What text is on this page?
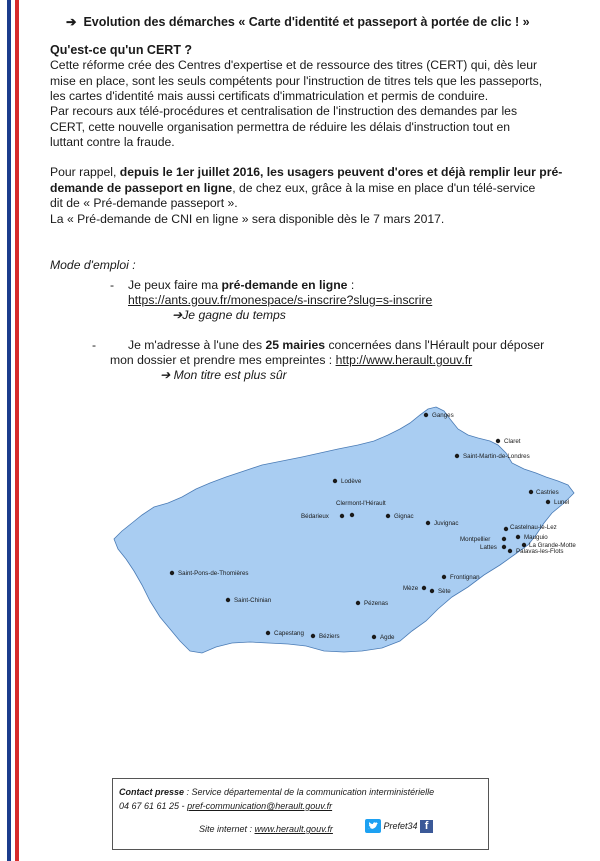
➔ Evolution des démarches « Carte d'identité et passeport à portée de clic ! »
Qu'est-ce qu'un CERT ?
Cette réforme crée des Centres d'expertise et de ressource des titres (CERT) qui, dès leur
mise en place, sont les seuls compétents pour l'instruction de titres tels que les passeports,
les cartes d'identité mais aussi certificats d'immatriculation et permis de conduire.
Par recours aux télé-procédures et centralisation de l'instruction des demandes par les
CERT, cette nouvelle organisation permettra de réduire les délais d'instruction tout en
luttant contre la fraude.
Pour rappel, depuis le 1er juillet 2016, les usagers peuvent d'ores et déjà remplir leur pré-
demande de passeport en ligne, de chez eux, grâce à la mise en place d'un télé-service
dit de « Pré-demande passeport ».
La « Pré-demande de CNI en ligne » sera disponible dès le 7 mars 2017.
Mode d'emploi :
- Je peux faire ma pré-demande en ligne :
https://ants.gouv.fr/monespace/s-inscrire?slug=s-inscrire
➔Je gagne du temps
-	Je m'adresse à l'une des 25 mairies concernées dans l'Hérault pour déposer
mon dossier et prendre mes empreintes : http://www.herault.gouv.fr
➔ Mon titre est plus sûr
Ganges
Claret
Saint-Martin-de-Londres
Castries
Lunel
Lodève
Clermont-l'Hérault
Bédarieux	Gignac
Juvignac
Castelnau-le-Lez
Mauguio
Montpellier
La Grande-Motte
Lattes
Palavas-les-Flots
Saint-Pons-de-Thomières
Frontignan
Mèze	Sète
Saint-Chinian	Pézenas
Capestang Béziers	Agde
Contact presse : Service départemental de la communication interministérielle
04 67 61 61 25 - pref-communication@herault.gouv.fr
Site internet : www.herault.gouv.fr	Prefet34 f
